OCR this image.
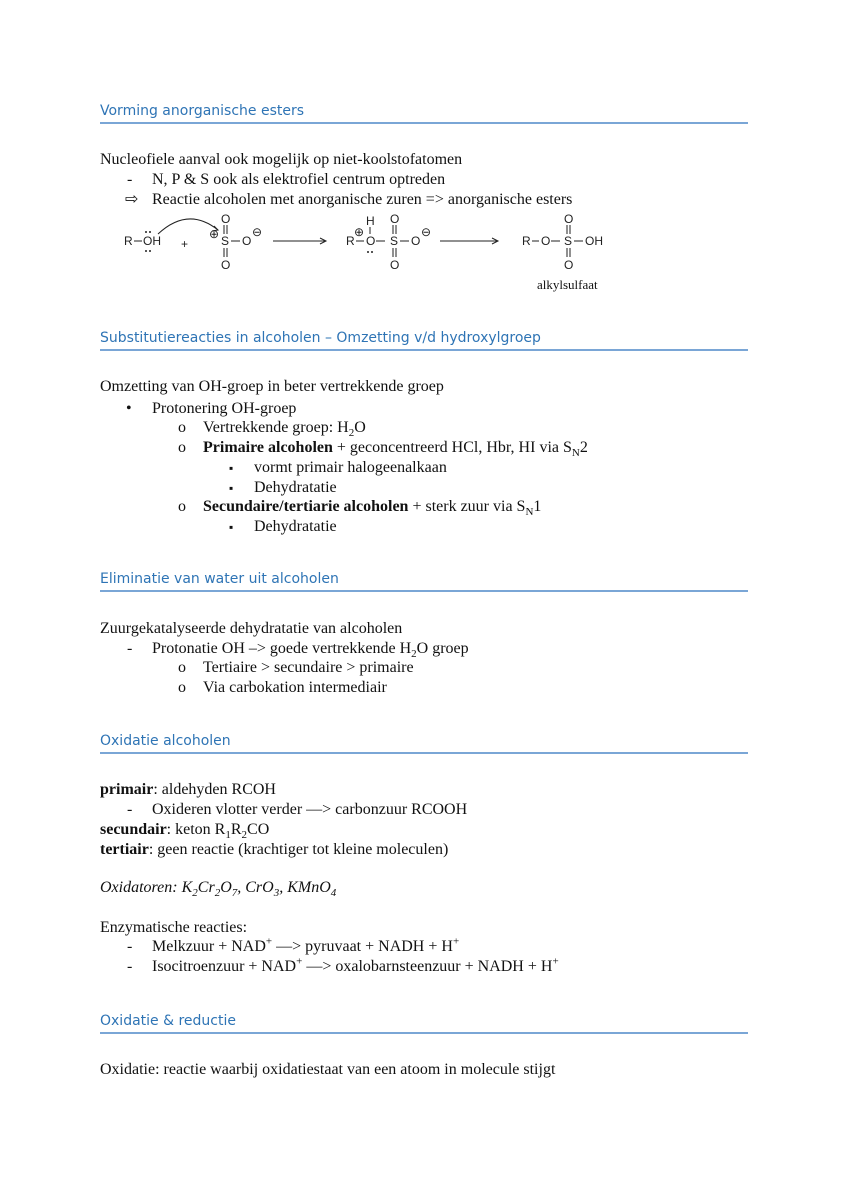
Vorming anorganische esters
Nucleofiele aanval ook mogelijk op niet-koolstofatomen
- N, P & S ook als elektrofiel centrum optreden
⇨ Reactie alcoholen met anorganische zuren => anorganische esters
R OH +
⊕
O
S
O
O
⊖
R
H
⊕
O
O
S
O
O
⊖
R O
O
S
O
OH
alkylsulfaat
Substitutiereacties in alcoholen – Omzetting v/d hydroxylgroep
Omzetting van OH-groep in beter vertrekkende groep
• Protonering OH-groep
o Vertrekkende groep: $H_2O$
o Primaire alcoholen + geconcentreerd HCl, Hbr, HI via $S_N2$
▪ vormt primair halogeenalkaan
▪ Dehydratatie
o Secundaire/tertiarie alcoholen + sterk zuur via $S_N1$
▪ Dehydratatie
Eliminatie van water uit alcoholen
Zuurgekatalyseerde dehydratatie van alcoholen
- Protonatie OH –> goede vertrekkende $H_2O$ groep
o Tertiaire > secundaire > primaire
o Via carbokation intermediair
Oxidatie alcoholen
primair: aldehyden RCOH
- Oxideren vlotter verder —> carbonzuur RCOOH
secundair: keton $R_1R_2CO$
tertiair: geen reactie (krachtiger tot kleine moleculen)
Oxidatoren: $K_2Cr_2O_7$, CrO$_3$, KMnO$_4$
Enzymatische reacties:
- Melkzuur + NAD+ —> pyruvaat + NADH + H+
- Isocitroenzuur + NAD+ —> oxalobarnsteenzuur + NADH + H+
Oxidatie & reductie
Oxidatie: reactie waarbij oxidatiestaat van een atoom in molecule stijgt
